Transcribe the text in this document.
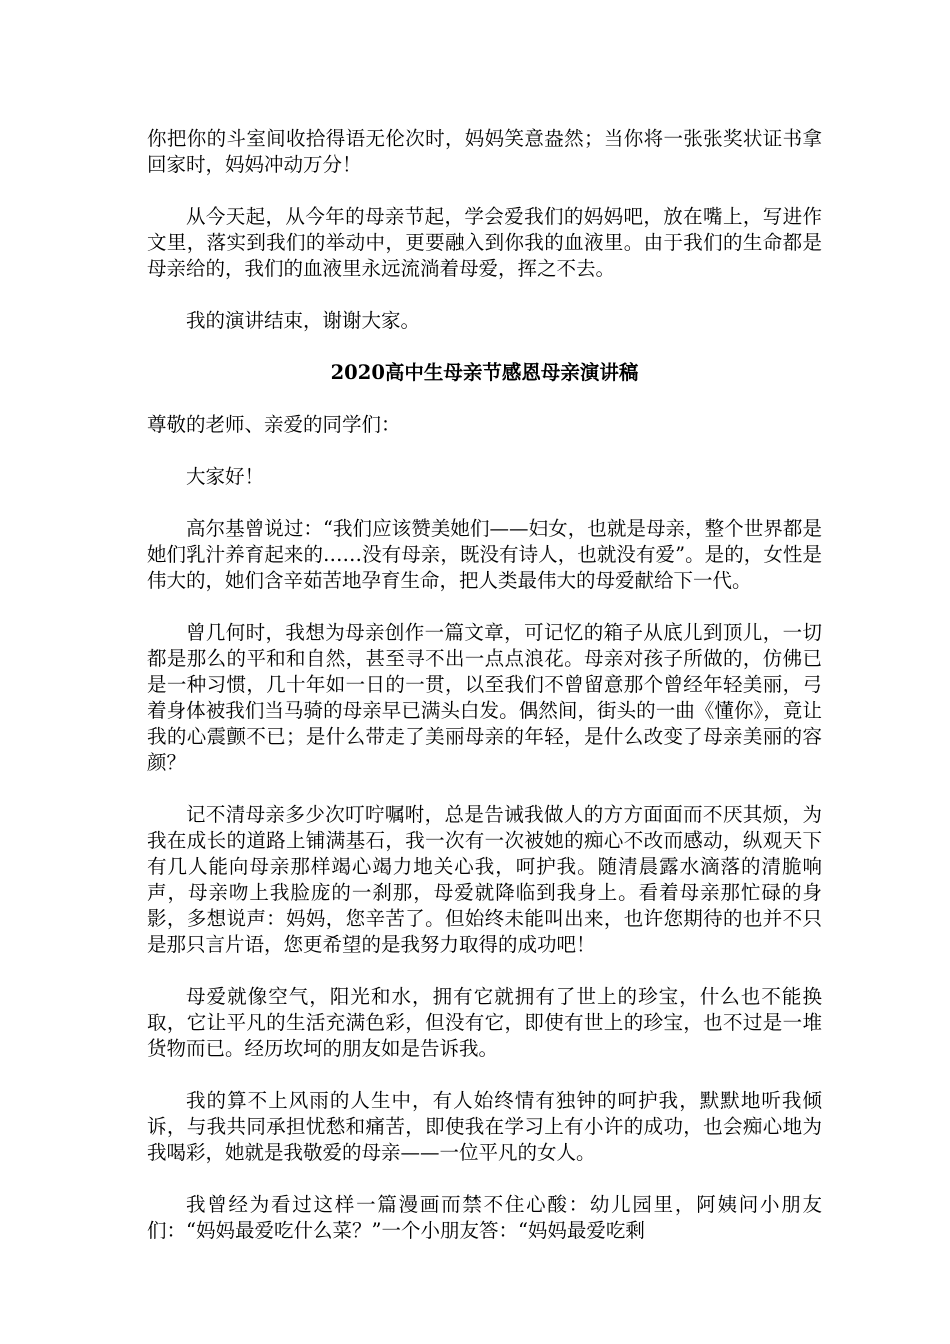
你把你的斗室间收拾得语无伦次时，妈妈笑意盎然；当你将一张张奖状证书拿回家时，妈妈冲动万分！

从今天起，从今年的母亲节起，学会爱我们的妈妈吧，放在嘴上，写进作文里，落实到我们的举动中，更要融入到你我的血液里。由于我们的生命都是母亲给的，我们的血液里永远流淌着母爱，挥之不去。

我的演讲结束，谢谢大家。

2020高中生母亲节感恩母亲演讲稿

尊敬的老师、亲爱的同学们：

大家好！

高尔基曾说过：“我们应该赞美她们——妇女，也就是母亲，整个世界都是她们乳汁养育起来的……没有母亲，既没有诗人，也就没有爱”。是的，女性是伟大的，她们含辛茹苦地孕育生命，把人类最伟大的母爱献给下一代。

曾几何时，我想为母亲创作一篇文章，可记忆的箱子从底儿到顶儿，一切都是那么的平和和自然，甚至寻不出一点点浪花。母亲对孩子所做的，仿佛已是一种习惯，几十年如一日的一贯，以至我们不曾留意那个曾经年轻美丽，弓着身体被我们当马骑的母亲早已满头白发。偶然间，街头的一曲《懂你》，竟让我的心震颤不已；是什么带走了美丽母亲的年轻，是什么改变了母亲美丽的容颜？

记不清母亲多少次叮咛嘱咐，总是告诫我做人的方方面面而不厌其烦，为我在成长的道路上铺满基石，我一次有一次被她的痴心不改而感动，纵观天下有几人能向母亲那样竭心竭力地关心我，呵护我。随清晨露水滴落的清脆响声，母亲吻上我脸庞的一刹那，母爱就降临到我身上。看着母亲那忙碌的身影，多想说声：妈妈，您辛苦了。但始终未能叫出来，也许您期待的也并不只是那只言片语，您更希望的是我努力取得的成功吧！

母爱就像空气，阳光和水，拥有它就拥有了世上的珍宝，什么也不能换取，它让平凡的生活充满色彩，但没有它，即使有世上的珍宝，也不过是一堆货物而已。经历坎坷的朋友如是告诉我。

我的算不上风雨的人生中，有人始终情有独钟的呵护我，默默地听我倾诉，与我共同承担忧愁和痛苦，即使我在学习上有小许的成功，也会痴心地为我喝彩，她就是我敬爱的母亲——一位平凡的女人。

我曾经为看过这样一篇漫画而禁不住心酸：幼儿园里，阿姨问小朋友们：“妈妈最爱吃什么菜？”一个小朋友答：“妈妈最爱吃剩
